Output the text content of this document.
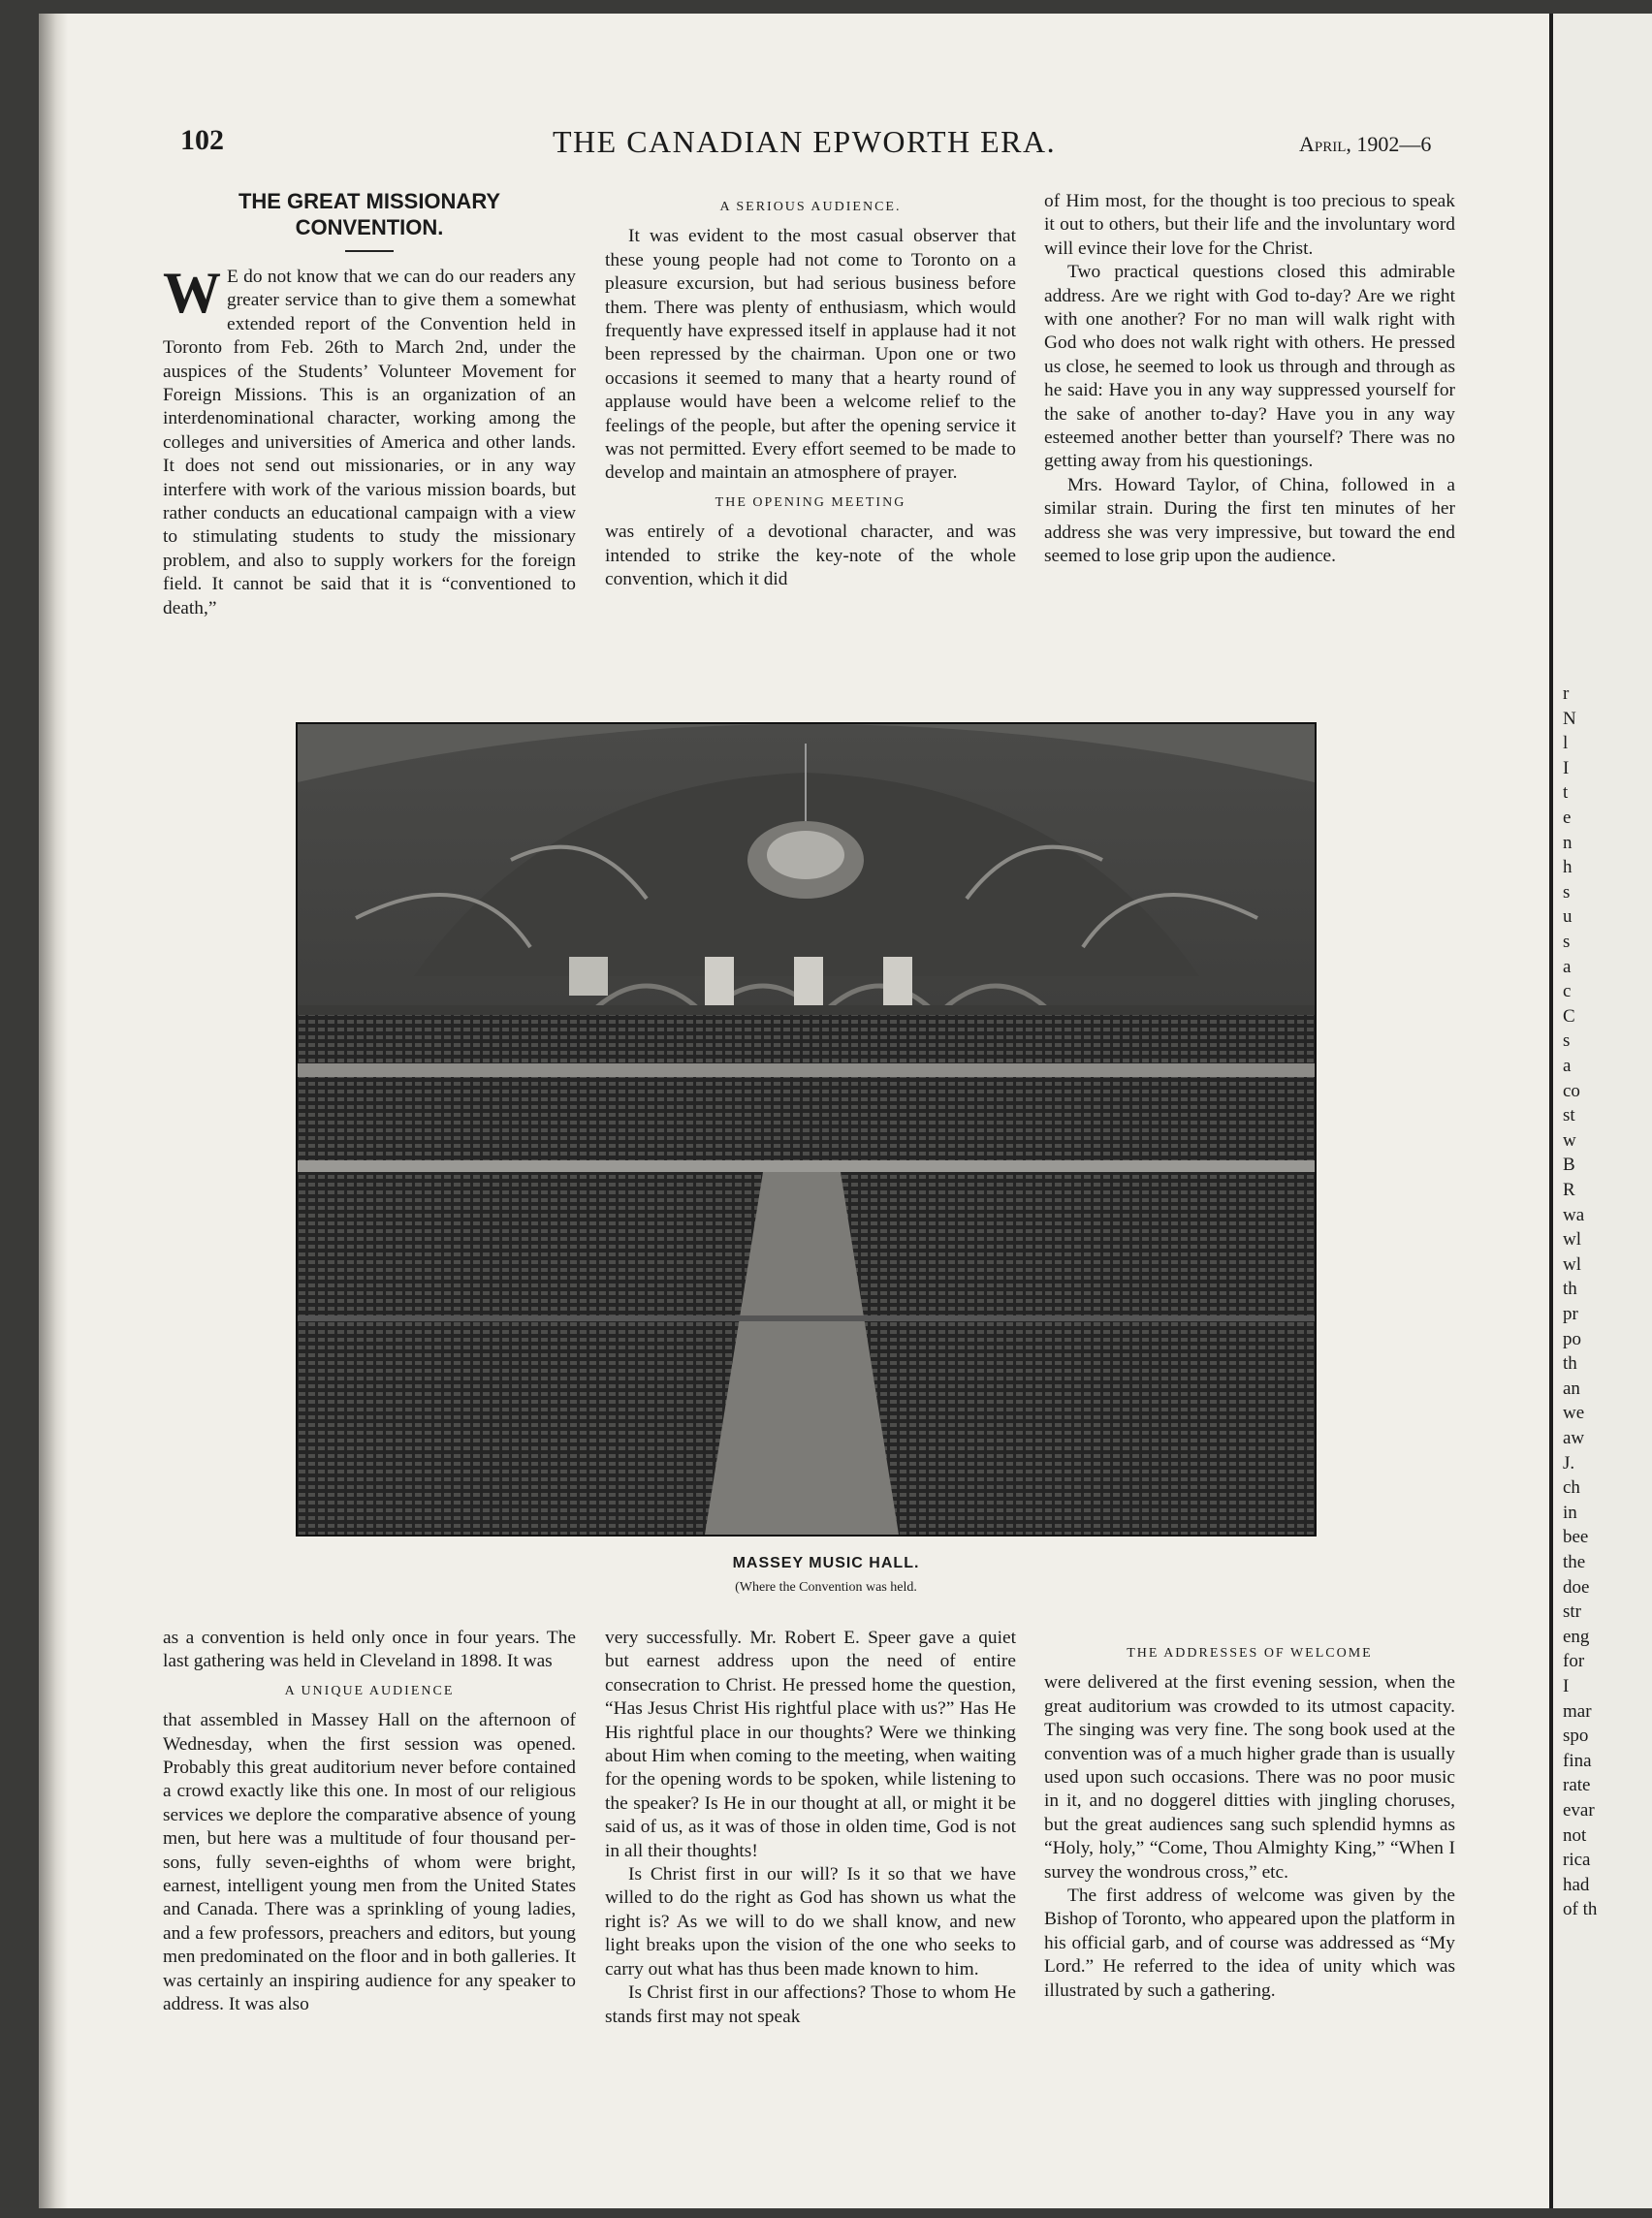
r
N
l
I
t
e
n
h
s
u
s
a
c
C
s
a
co
st
w
B
R
wa
wl
wl
th
pr
po
th
an
we
aw
J.
ch
in
bee
the
doe
str
eng
for
I
mar
spo
fina
rate
evar
not
rica
had
of th
102	THE CANADIAN EPWORTH ERA.	April, 1902—6
THE GREAT MISSIONARY CONVENTION.

W E do not know that we can do our readers any greater service than to give them a somewhat extended report of the Convention held in Toronto from Feb. 26th to March 2nd, under the auspices of the Students’ Volunteer Movement for Foreign Missions. This is an organization of an interdenominational character, working among the colleges and universities of America and other lands. It does not send out missionaries, or in any way interfere with work of the various mission boards, but rather conducts an educational campaign with a view to stimulating students to study the missionary problem, and also to supply workers for the foreign field. It cannot be said that it is “conventioned to death,”

A SERIOUS AUDIENCE.

It was evident to the most casual observer that these young people had not come to Toronto on a pleasure excursion, but had serious business before them. There was plenty of enthusiasm, which would frequently have expressed itself in applause had it not been repressed by the chairman. Upon one or two occasions it seemed to many that a hearty round of applause would have been a welcome relief to the feelings of the people, but after the opening service it was not permitted. Every effort seemed to be made to develop and maintain an atmosphere of prayer.

THE OPENING MEETING

was entirely of a devotional character, and was intended to strike the key-note of the whole convention, which it did

of Him most, for the thought is too precious to speak it out to others, but their life and the involuntary word will evince their love for the Christ.

Two practical questions closed this admirable address. Are we right with God to-day? Are we right with one another? For no man will walk right with God who does not walk right with others. He pressed us close, he seemed to look us through and through as he said: Have you in any way suppressed yourself for the sake of another to-day? Have you in any way esteemed another better than yourself? There was no getting away from his questionings.

Mrs. Howard Taylor, of China, followed in a similar strain. During the first ten minutes of her address she was very impressive, but toward the end seemed to lose grip upon the audience.

MASSEY MUSIC HALL.
(Where the Convention was held.

as a convention is held only once in four years. The last gathering was held in Cleveland in 1898. It was

A UNIQUE AUDIENCE

that assembled in Massey Hall on the afternoon of Wednesday, when the first session was opened. Probably this great auditorium never before contained a crowd exactly like this one. In most of our religious services we deplore the comparative absence of young men, but here was a multitude of four thousand persons, fully seven-eighths of whom were bright, earnest, intelligent young men from the United States and Canada. There was a sprinkling of young ladies, and a few professors, preachers and editors, but young men predominated on the floor and in both galleries. It was certainly an inspiring audience for any speaker to address. It was also

very successfully. Mr. Robert E. Speer gave a quiet but earnest address upon the need of entire consecration to Christ. He pressed home the question, “Has Jesus Christ His rightful place with us?” Has He His rightful place in our thoughts? Were we thinking about Him when coming to the meeting, when waiting for the opening words to be spoken, while listening to the speaker? Is He in our thought at all, or might it be said of us, as it was of those in olden time, God is not in all their thoughts!

Is Christ first in our will? Is it so that we have willed to do the right as God has shown us what the right is? As we will to do we shall know, and new light breaks upon the vision of the one who seeks to carry out what has thus been made known to him.

Is Christ first in our affections? Those to whom He stands first may not speak

THE ADDRESSES OF WELCOME

were delivered at the first evening session, when the great auditorium was crowded to its utmost capacity. The singing was very fine. The song book used at the convention was of a much higher grade than is usually used upon such occasions. There was no poor music in it, and no doggerel ditties with jingling choruses, but the great audiences sang such splendid hymns as “Holy, holy,” “Come, Thou Almighty King,” “When I survey the wondrous cross,” etc.

The first address of welcome was given by the Bishop of Toronto, who appeared upon the platform in his official garb, and of course was addressed as “My Lord.” He referred to the idea of unity which was illustrated by such a gathering.
